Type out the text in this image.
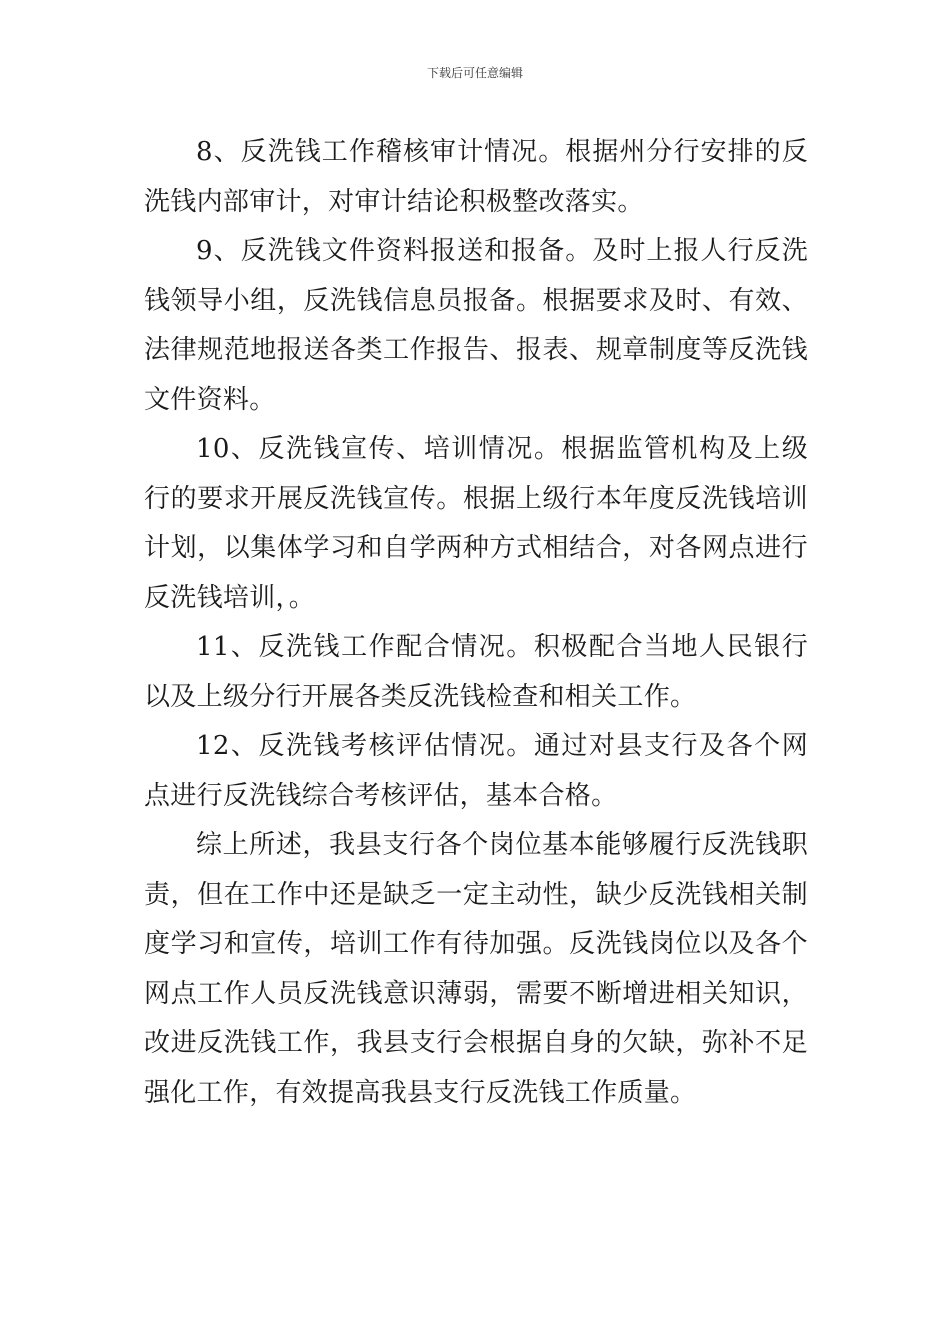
下载后可任意编辑

8、反洗钱工作稽核审计情况。根据州分行安排的反洗钱内部审计，对审计结论积极整改落实。

9、反洗钱文件资料报送和报备。及时上报人行反洗钱领导小组，反洗钱信息员报备。根据要求及时、有效、法律规范地报送各类工作报告、报表、规章制度等反洗钱文件资料。

10、反洗钱宣传、培训情况。根据监管机构及上级行的要求开展反洗钱宣传。根据上级行本年度反洗钱培训计划，以集体学习和自学两种方式相结合，对各网点进行反洗钱培训，。

11、反洗钱工作配合情况。积极配合当地人民银行以及上级分行开展各类反洗钱检查和相关工作。

12、反洗钱考核评估情况。通过对县支行及各个网点进行反洗钱综合考核评估，基本合格。

综上所述，我县支行各个岗位基本能够履行反洗钱职责，但在工作中还是缺乏一定主动性，缺少反洗钱相关制度学习和宣传，培训工作有待加强。反洗钱岗位以及各个网点工作人员反洗钱意识薄弱，需要不断增进相关知识，改进反洗钱工作，我县支行会根据自身的欠缺，弥补不足强化工作，有效提高我县支行反洗钱工作质量。
